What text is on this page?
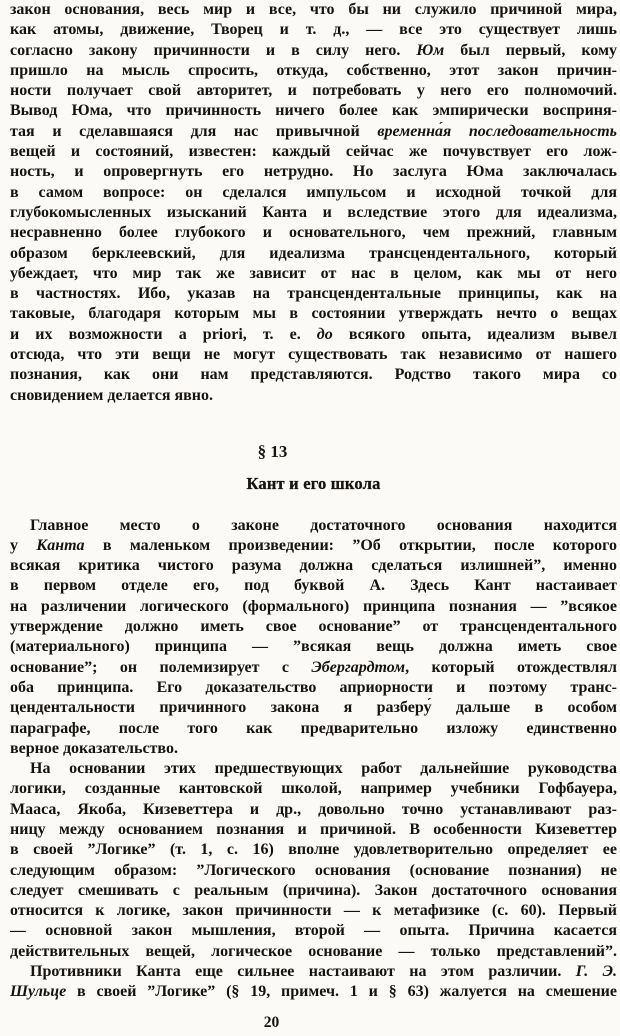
закон основания, весь мир и все, что бы ни служило причиной мира,
как атомы, движение, Творец и т. д., — все это существует лишь
согласно закону причинности и в силу него. Юм был первый, кому
пришло на мысль спросить, откуда, собственно, этот закон причин-
ности получает свой авторитет, и потребовать у него его полномочий.
Вывод Юма, что причинность ничего более как эмпирически восприня-
тая и сделавшаяся для нас привычной временна́я последовательность
вещей и состояний, известен: каждый сейчас же почувствует его лож-
ность, и опровергнуть его нетрудно. Но заслуга Юма заключалась
в самом вопросе: он сделался импульсом и исходной точкой для
глубокомысленных изысканий Канта и вследствие этого для идеализма,
несравненно более глубокого и основательного, чем прежний, главным
образом берклеевский, для идеализма трансцендентального, который
убеждает, что мир так же зависит от нас в целом, как мы от него
в частностях. Ибо, указав на трансцендентальные принципы, как на
таковые, благодаря которым мы в состоянии утверждать нечто о вещах
и их возможности a priori, т. е. до всякого опыта, идеализм вывел
отсюда, что эти вещи не могут существовать так независимо от нашего
познания, как они нам представляются. Родство такого мира со
сновидением делается явно.
§ 13
Кант и его школа
Главное место о законе достаточного основания находится
у Канта в маленьком произведении: ”Об открытии, после которого
всякая критика чистого разума должна сделаться излишней”, именно
в первом отделе его, под буквой А. Здесь Кант настаивает
на различении логического (формального) принципа познания — ”всякое
утверждение должно иметь свое основание” от трансцендентального
(материального) принципа — ”всякая вещь должна иметь свое
основание”; он полемизирует с Эбергардтом, который отождествлял
оба принципа. Его доказательство априорности и поэтому транс-
цендентальности причинного закона я разберу́ дальше в особом
параграфе, после того как предварительно изложу единственно
верное доказательство.
На основании этих предшествующих работ дальнейшие руководства
логики, созданные кантовской школой, например учебники Гофбауера,
Мааса, Якоба, Кизеветтера и др., довольно точно устанавливают раз-
ницу между основанием познания и причиной. В особенности Кизеветтер
в своей ”Логике” (т. 1, с. 16) вполне удовлетворительно определяет ее
следующим образом: ”Логического основания (основание познания) не
следует смешивать с реальным (причина). Закон достаточного основания
относится к логике, закон причинности — к метафизике (с. 60). Первый
— основной закон мышления, второй — опыта. Причина касается
действительных вещей, логическое основание — только представлений”.
Противники Канта еще сильнее настаивают на этом различии. Г. Э.
Шульце в своей ”Логике” (§ 19, примеч. 1 и § 63) жалуется на смешение
20
